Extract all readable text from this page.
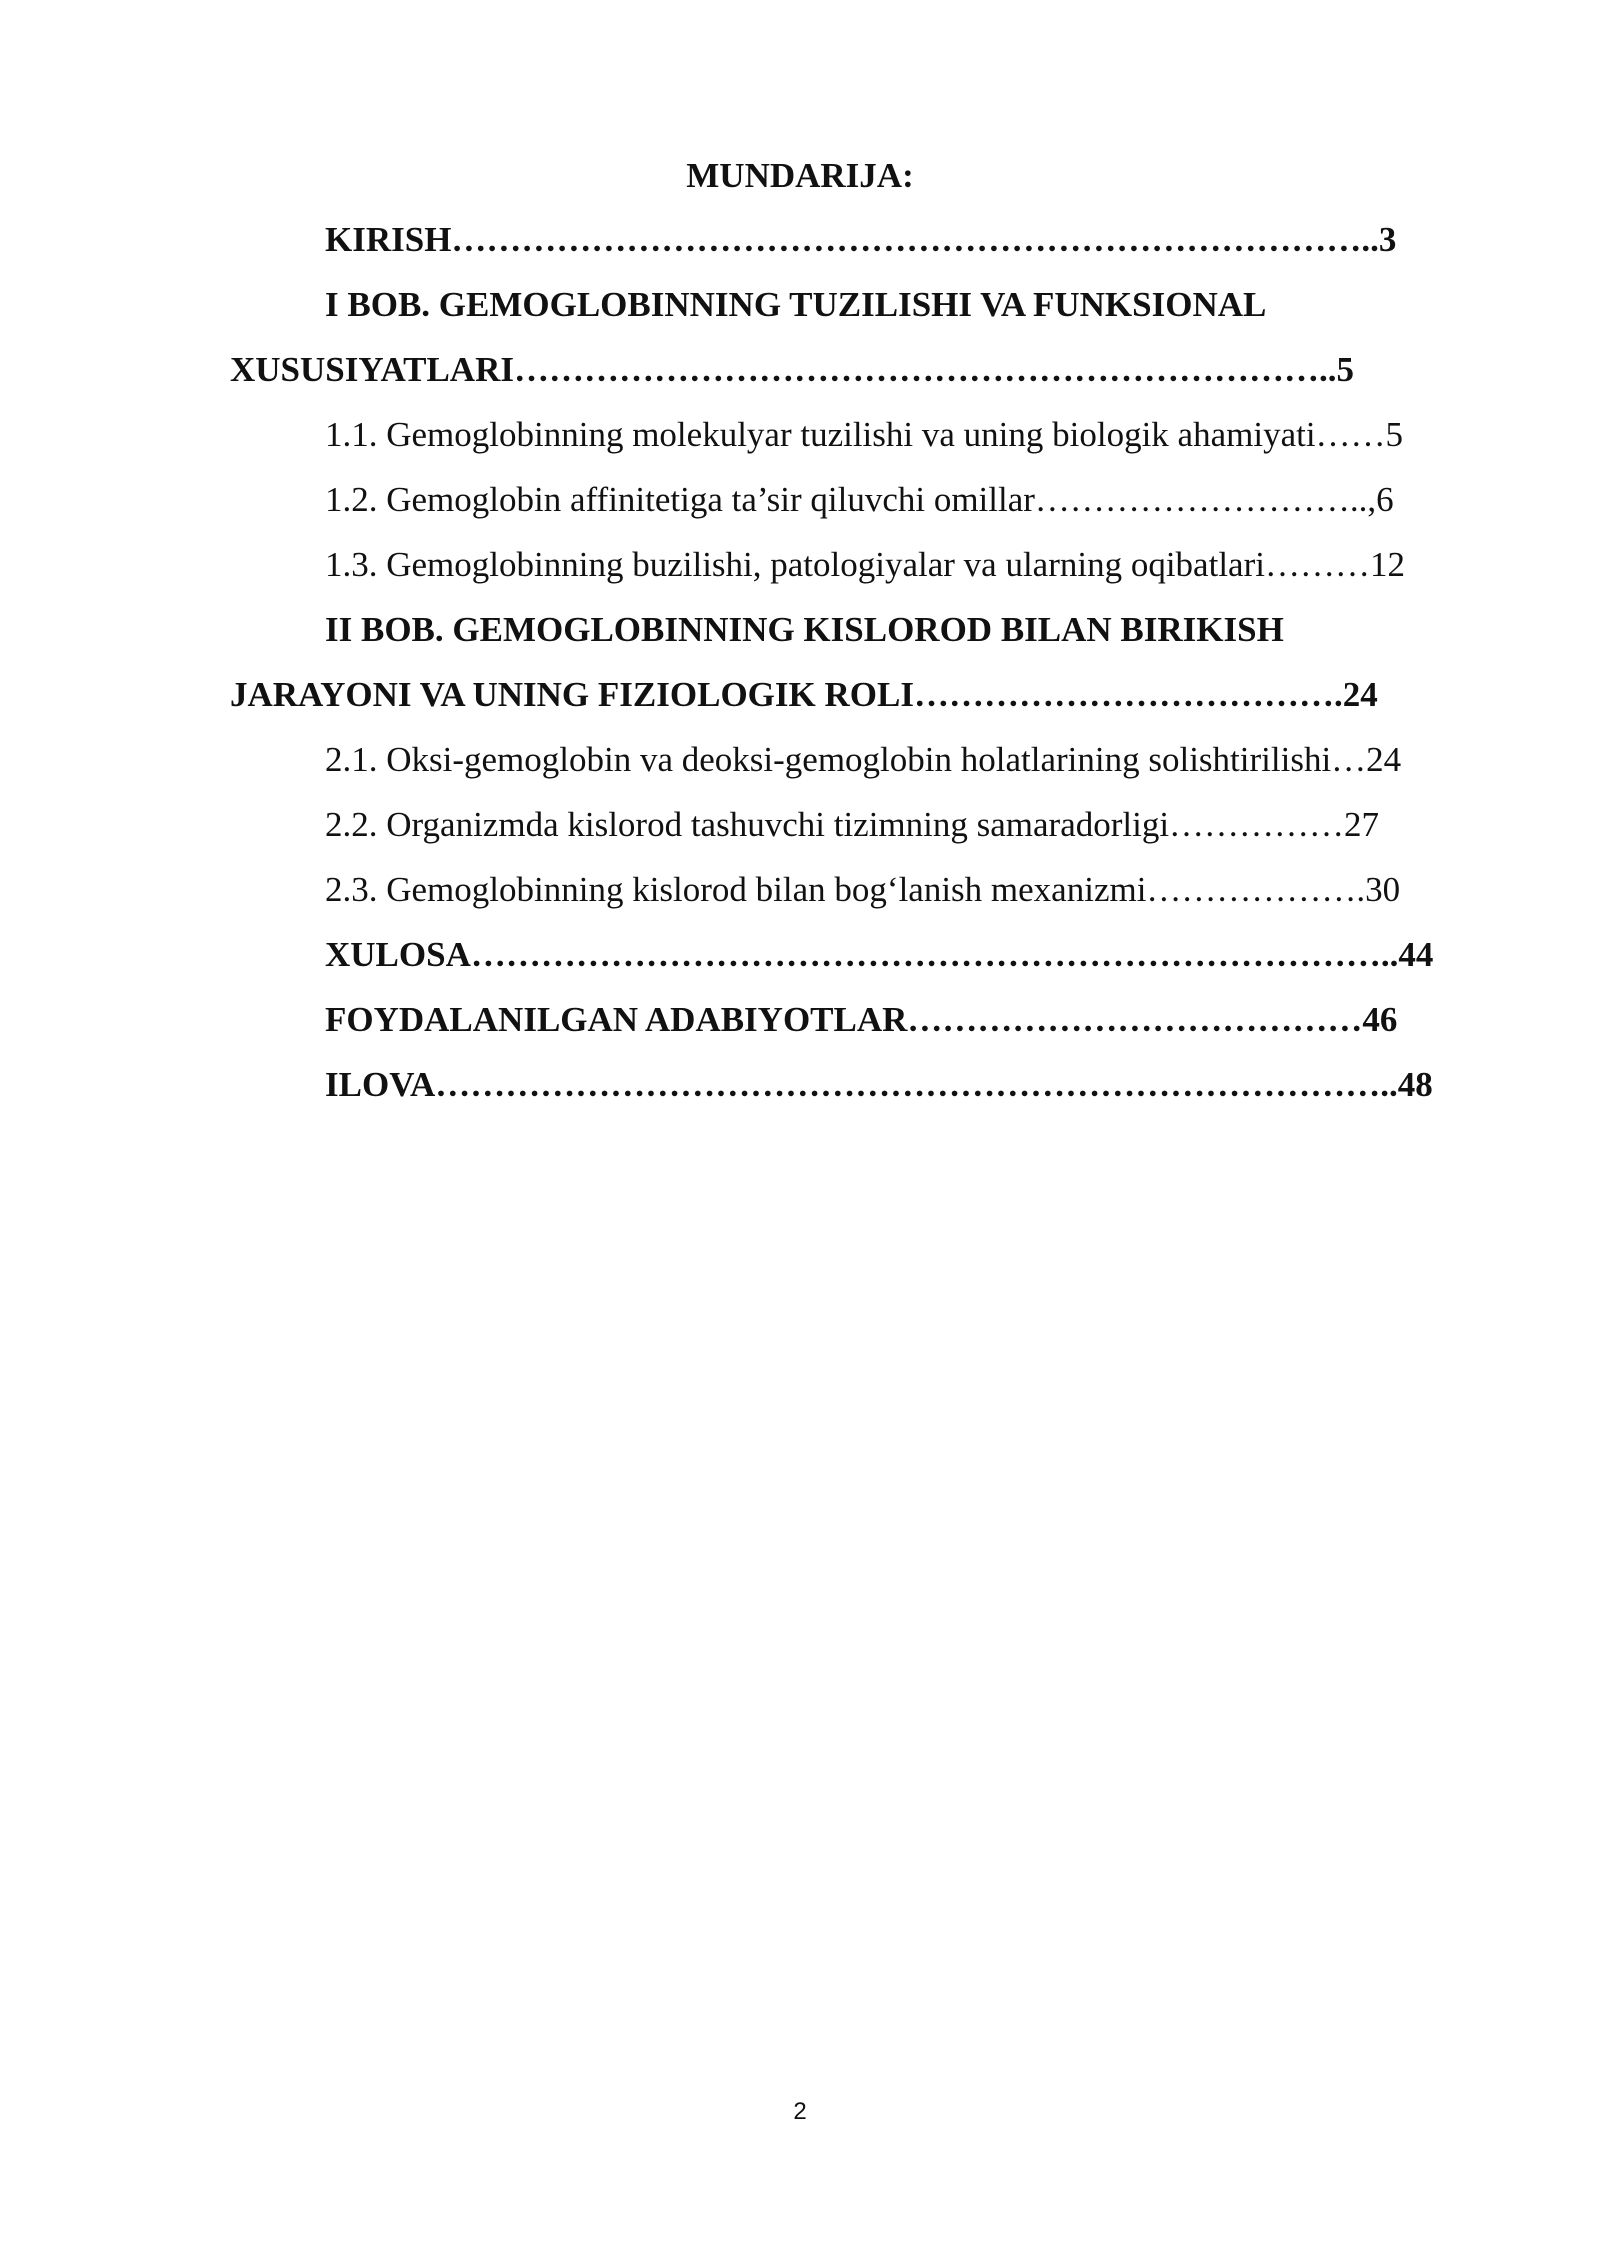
MUNDARIJA:
KIRISH……………………………………………………………………..3
I BOB. GEMOGLOBINNING TUZILISHI VA FUNKSIONAL
XUSUSIYATLARI……………………………………………………………..5
1.1. Gemoglobinning molekulyar tuzilishi va uning biologik ahamiyati……5
1.2. Gemoglobin affinitetiga ta’sir qiluvchi omillar………………………..,6
1.3. Gemoglobinning buzilishi, patologiyalar va ularning oqibatlari………12
II BOB. GEMOGLOBINNING KISLOROD BILAN BIRIKISH
JARAYONI VA UNING FIZIOLOGIK ROLI……………………………….24
2.1. Oksi-gemoglobin va deoksi-gemoglobin holatlarining solishtirilishi…24
2.2. Organizmda kislorod tashuvchi tizimning samaradorligi……………27
2.3. Gemoglobinning kislorod bilan bog‘lanish mexanizmi……………….30
XULOSA……………………………………………………………………..44
FOYDALANILGAN ADABIYOTLAR…………………………………46
ILOVA………………………………………………………………………..48
2
